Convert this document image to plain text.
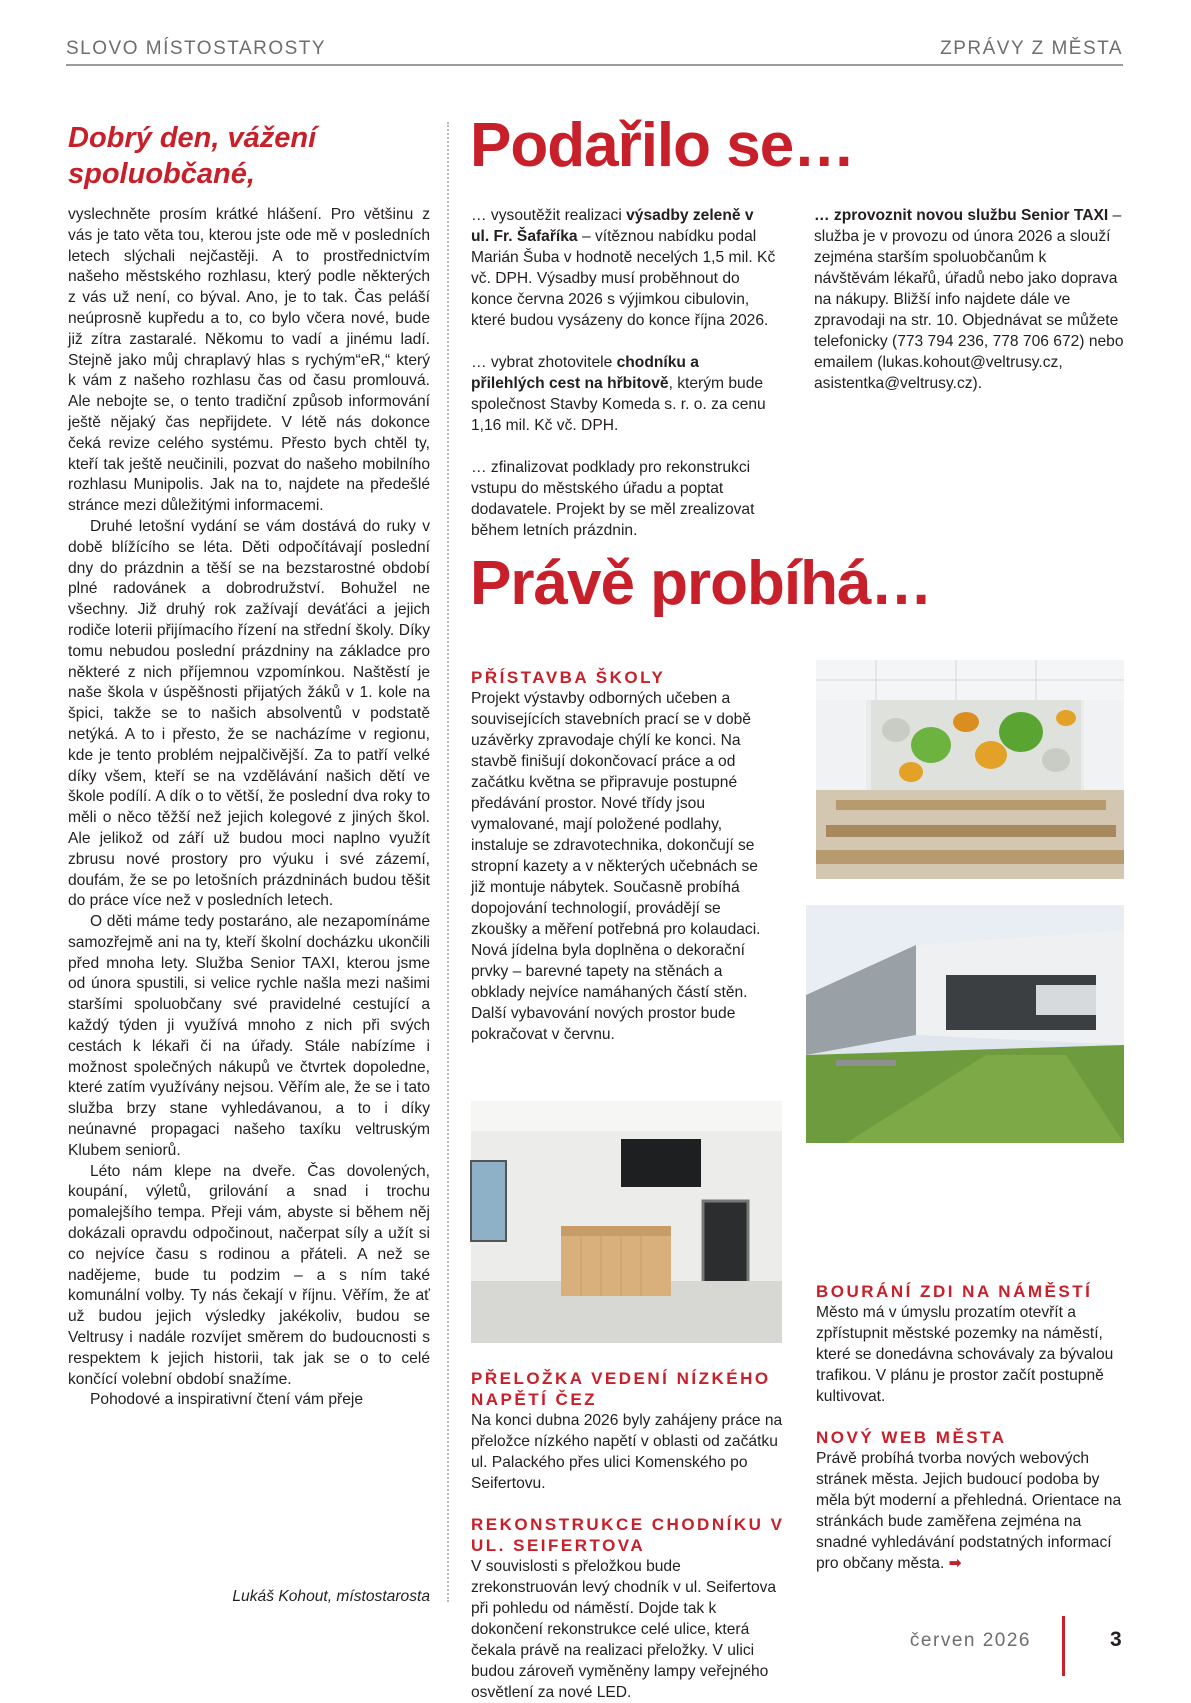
SLOVO MÍSTOSTAROSTY	ZPRÁVY Z MĚSTA
Dobrý den, vážení spoluobčané,

vyslechněte prosím krátké hlášení. Pro většinu z vás je tato věta tou, kterou jste ode mě v posledních letech slýchali nejčastěji. A to prostřednictvím našeho městského rozhlasu, který podle některých z vás už není, co býval. Ano, je to tak. Čas peláší neúprosně kupředu a to, co bylo včera nové, bude již zítra zastaralé. Někomu to vadí a jinému ladí. Stejně jako můj chraplavý hlas s rychým“eR,“ který k vám z našeho rozhlasu čas od času promlouvá. Ale nebojte se, o tento tradiční způsob informování ještě nějaký čas nepřijdete. V létě nás dokonce čeká revize celého systému. Přesto bych chtěl ty, kteří tak ještě neučinili, pozvat do našeho mobilního rozhlasu Munipolis. Jak na to, najdete na předešlé stránce mezi důležitými informacemi.

Druhé letošní vydání se vám dostává do ruky v době blížícího se léta. Děti odpočítávají poslední dny do prázdnin a těší se na bezstarostné období plné radovánek a dobrodružství. Bohužel ne všechny. Již druhý rok zažívají deváťáci a jejich rodiče loterii přijímacího řízení na střední školy. Díky tomu nebudou poslední prázdniny na základce pro některé z nich příjemnou vzpomínkou. Naštěstí je naše škola v úspěšnosti přijatých žáků v 1. kole na špici, takže se to našich absolventů v podstatě netýká. A to i přesto, že se nacházíme v regionu, kde je tento problém nejpalčivější. Za to patří velké díky všem, kteří se na vzdělávání našich dětí ve škole podílí. A dík o to větší, že poslední dva roky to měli o něco těžší než jejich kolegové z jiných škol. Ale jelikož od září už budou moci naplno využít zbrusu nové prostory pro výuku i své zázemí, doufám, že se po letošních prázdninách budou těšit do práce více než v posledních letech.

O děti máme tedy postaráno, ale nezapomínáme samozřejmě ani na ty, kteří školní docházku ukončili před mnoha lety. Služba Senior TAXI, kterou jsme od února spustili, si velice rychle našla mezi našimi staršími spoluobčany své pravidelné cestující a každý týden ji využívá mnoho z nich při svých cestách k lékaři či na úřady. Stále nabízíme i možnost společných nákupů ve čtvrtek dopoledne, které zatím využívány nejsou. Věřím ale, že se i tato služba brzy stane vyhledávanou, a to i díky neúnavné propagaci našeho taxíku veltruským Klubem seniorů.

Léto nám klepe na dveře. Čas dovolených, koupání, výletů, grilování a snad i trochu pomalejšího tempa. Přeji vám, abyste si během něj dokázali opravdu odpočinout, načerpat síly a užít si co nejvíce času s rodinou a přáteli. A než se nadějeme, bude tu podzim – a s ním také komunální volby. Ty nás čekají v říjnu. Věřím, že ať už budou jejich výsledky jakékoliv, budou se Veltrusy i nadále rozvíjet směrem do budoucnosti s respektem k jejich historii, tak jak se o to celé končící volební období snažíme.

Pohodové a inspirativní čtení vám přeje

Lukáš Kohout, místostarosta
Podařilo se…

… vysoutěžit realizaci výsadby zeleně v ul. Fr. Šafaříka – vítěznou nabídku podal Marián Šuba v hodnotě necelých 1,5 mil. Kč vč. DPH. Výsadby musí proběhnout do konce června 2026 s výjimkou cibulovin, které budou vysázeny do konce října 2026.

… vybrat zhotovitele chodníku a přilehlých cest na hřbitově, kterým bude společnost Stavby Komeda s. r. o. za cenu 1,16 mil. Kč vč. DPH.

… zfinalizovat podklady pro rekonstrukci vstupu do městského úřadu a poptat dodavatele. Projekt by se měl zrealizovat během letních prázdnin.

… zprovoznit novou službu Senior TAXI – služba je v provozu od února 2026 a slouží zejména starším spoluobčanům k návštěvám lékařů, úřadů nebo jako doprava na nákupy. Bližší info najdete dále ve zpravodaji na str. 10. Objednávat se můžete telefonicky (773 794 236, 778 706 672) nebo emailem (lukas.kohout@veltrusy.cz, asistentka@veltrusy.cz).

Právě probíhá…
PŘÍSTAVBA ŠKOLY

Projekt výstavby odborných učeben a souvisejících stavebních prací se v době uzávěrky zpravodaje chýlí ke konci. Na stavbě finišují dokončovací práce a od začátku května se připravuje postupné předávání prostor. Nové třídy jsou vymalované, mají položené podlahy, instaluje se zdravotechnika, dokončují se stropní kazety a v některých učebnách se již montuje nábytek. Současně probíhá dopojování technologií, provádějí se zkoušky a měření potřebná pro kolaudaci. Nová jídelna byla doplněna o dekorační prvky – barevné tapety na stěnách a obklady nejvíce namáhaných částí stěn. Další vybavování nových prostor bude pokračovat v červnu.

PŘELOŽKA VEDENÍ NÍZKÉHO NAPĚTÍ ČEZ

Na konci dubna 2026 byly zahájeny práce na přeložce nízkého napětí v oblasti od začátku ul. Palackého přes ulici Komenského po Seifertovu.

REKONSTRUKCE CHODNÍKU V UL. SEIFERTOVA

V souvislosti s přeložkou bude zrekonstruován levý chodník v ul. Seifertova při pohledu od náměstí. Dojde tak k dokončení rekonstrukce celé ulice, která čekala právě na realizaci přeložky. V ulici budou zároveň vyměněny lampy veřejného osvětlení za nové LED.

BOURÁNÍ ZDI NA NÁMĚSTÍ

Město má v úmyslu prozatím otevřít a zpřístupnit městské pozemky na náměstí, které se donedávna schovávaly za bývalou trafikou. V plánu je prostor začít postupně kultivovat.

NOVÝ WEB MĚSTA

Právě probíhá tvorba nových webových stránek města. Jejich budoucí podoba by měla být moderní a přehledná. Orientace na stránkách bude zaměřena zejména na snadné vyhledávání podstatných informací pro občany města. ➡

červen 2026	3
